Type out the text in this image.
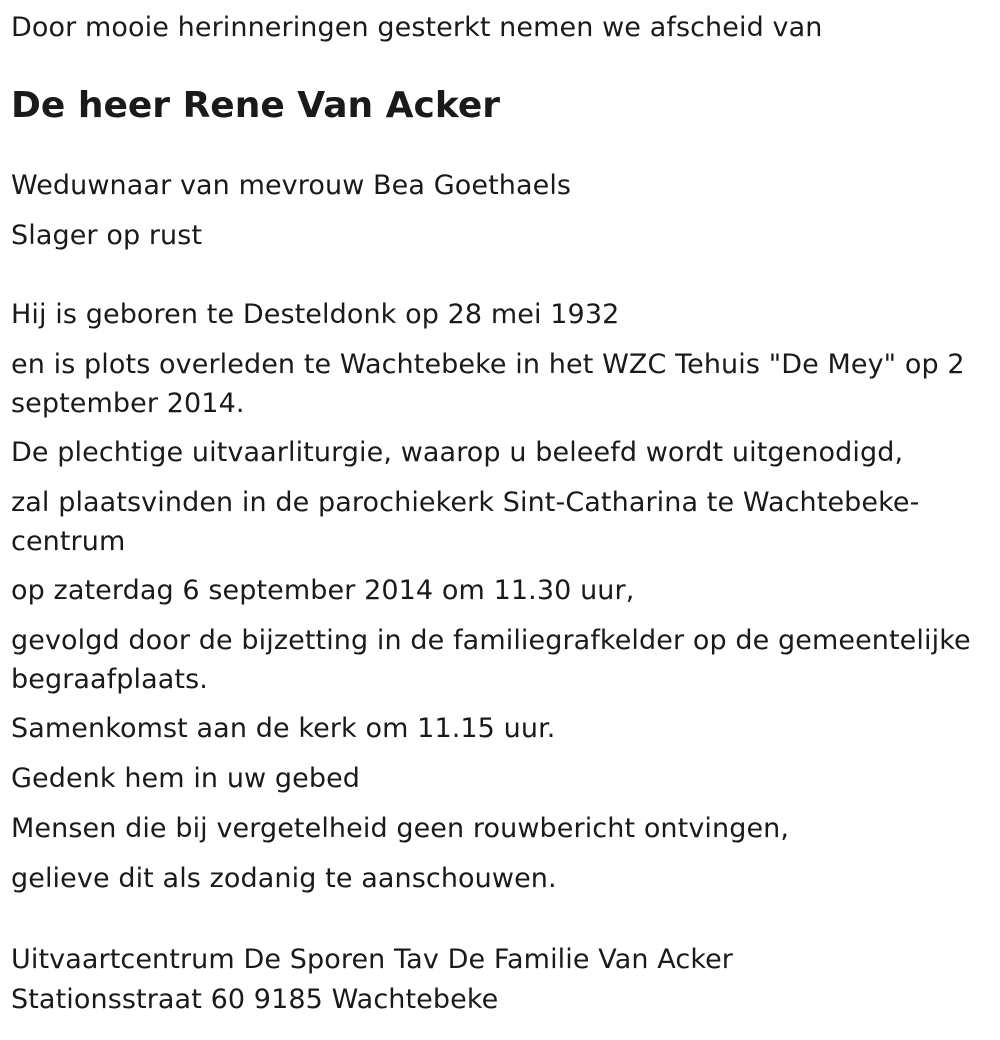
Door mooie herinneringen gesterkt nemen we afscheid van

De heer Rene Van Acker

Weduwnaar van mevrouw Bea Goethaels

Slager op rust

Hij is geboren te Desteldonk op 28 mei 1932

en is plots overleden te Wachtebeke in het WZC Tehuis "De Mey" op 2 september 2014.

De plechtige uitvaarliturgie, waarop u beleefd wordt uitgenodigd,

zal plaatsvinden in de parochiekerk Sint-Catharina te Wachtebeke-centrum

op zaterdag 6 september 2014 om 11.30 uur,

gevolgd door de bijzetting in de familiegrafkelder op de gemeentelijke begraafplaats.

Samenkomst aan de kerk om 11.15 uur.

Gedenk hem in uw gebed

Mensen die bij vergetelheid geen rouwbericht ontvingen,

gelieve dit als zodanig te aanschouwen.

Uitvaartcentrum De Sporen Tav De Familie Van Acker

Stationsstraat 60 9185 Wachtebeke
